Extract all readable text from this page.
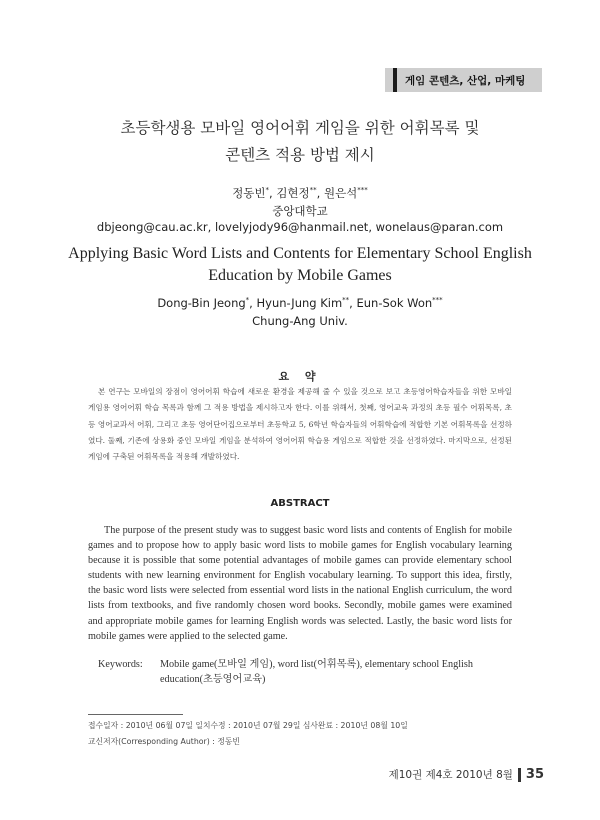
게임 콘텐츠, 산업, 마케팅
초등학생용 모바일 영어어휘 게임을 위한 어휘목록 및
콘텐츠 적용 방법 제시
정동빈*, 김현정**, 원은석***
중앙대학교
dbjeong@cau.ac.kr, lovelyjody96@hanmail.net, wonelaus@paran.com
Applying Basic Word Lists and Contents for Elementary School English
Education by Mobile Games
Dong-Bin Jeong*, Hyun-Jung Kim**, Eun-Sok Won***
Chung-Ang Univ.
요 약
본 연구는 모바일의 장점이 영어어휘 학습에 새로운 환경을 제공해 줄 수 있을 것으로 보고 초등영어학습자들을 위한 모바일 게임용 영어어휘 학습 목록과 함께 그 적용 방법을 제시하고자 한다. 이를 위해서, 첫째, 영어교육 과정의 초등 필수 어휘목록, 초등 영어교과서 어휘, 그리고 초등 영어단어집으로부터 초등학교 5, 6학년 학습자들의 어휘학습에 적합한 기본 어휘목록을 선정하였다. 둘째, 기존에 상용화 중인 모바일 게임을 분석하여 영어어휘 학습용 게임으로 적합한 것을 선정하였다. 마지막으로, 선정된 게임에 구축된 어휘목록을 적용해 개발하였다.
ABSTRACT
The purpose of the present study was to suggest basic word lists and contents of English for mobile games and to propose how to apply basic word lists to mobile games for English vocabulary learning because it is possible that some potential advantages of mobile games can provide elementary school students with new learning environment for English vocabulary learning. To support this idea, firstly, the basic word lists were selected from essential word lists in the national English curriculum, the word lists from textbooks, and five randomly chosen word books. Secondly, mobile games were examined and appropriate mobile games for learning English words was selected. Lastly, the basic word lists for mobile games were applied to the selected game.
Keywords: Mobile game(모바일 게임), word list(어휘목록), elementary school English education(초등영어교육)
접수일자 : 2010년 06월 07일 일치수정 : 2010년 07월 29일 심사완료 : 2010년 08월 10일
교신저자(Corresponding Author) : 정동빈
제10권 제4호 2010년 8월 35
